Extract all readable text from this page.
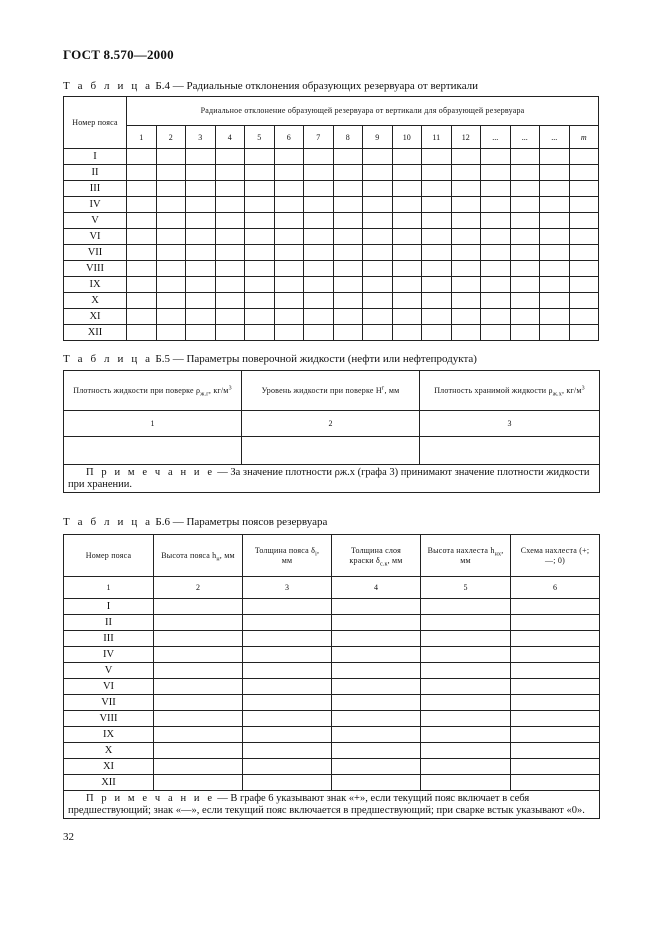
ГОСТ 8.570—2000
Т а б л и ц а Б.4 — Радиальные отклонения образующих резервуара от вертикали
Номер пояса	Радиальное отклонение образующей резервуара от вертикали для образующей резервуара															
	1	2	3	4	5	6	7	8	9	10	11	12	...	...	...	m
I																
II																
III																
IV																
V																
VI																
VII																
VIII																
IX																
X																
XI																
XII																
Т а б л и ц а Б.5 — Параметры поверочной жидкости (нефти или нефтепродукта)
Плотность жидкости при поверке $\rho_{ж.г}$, $кг/м^3$	Уровень жидкости при поверке $H^г$, мм	Плотность хранимой жидкости $\rho_{ж.х}$, $кг/м^3$
1	2	3

П р и м е ч а н и е — За значение плотности ρж.х (графа 3) принимают значение плотности жидкости при хранении.		
Т а б л и ц а Б.6 — Параметры поясов резервуара
Номер пояса	Высота пояса $h_н$, мм	Толщина пояса $\delta_i$, мм	Толщина слоя краски $\delta_{с.к}$, мм	Высота нахлеста $h_{нх}$, мм	Схема нахлеста (+; —; 0)
1	2	3	4	5	6
I					
II					
III					
IV					
V					
VI					
VII					
VIII					
IX					
X					
XI					
XII					
П р и м е ч а н и е — В графе 6 указывают знак «+», если текущий пояс включает в себя предшествующий; знак «—», если текущий пояс включается в предшествующий; при сварке встык указывают «0».					
32
